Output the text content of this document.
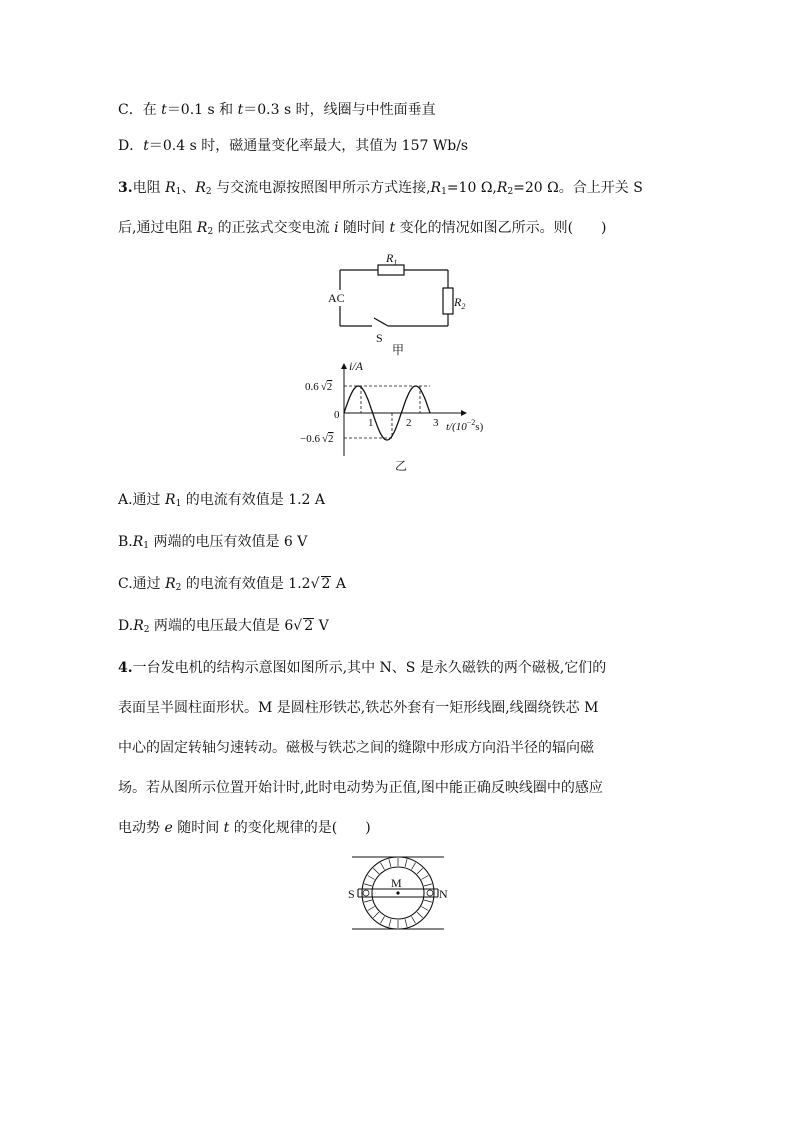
C．在 t＝0.1 s 和 t＝0.3 s 时，线圈与中性面垂直
D．t＝0.4 s 时，磁通量变化率最大，其值为 157 Wb/s
3.电阻 $R_1$、$R_2$ 与交流电源按照图甲所示方式连接$,R_1=10$ $\Omega,R_2=20$ Ω。合上开关 S
后,通过电阻 $R_2$ 的正弦式交变电流 i 随时间 t 变化的情况如图乙所示。则(　　)
$R_1$
$R_2$
AC
S
甲
i/A
0.6 √2
−0.6 √2
0
1	2 3 $t/(10^{-2}s)$
乙
A.通过 $R_1$ 的电流有效值是 1.2 A
$B.R_1$ 两端的电压有效值是 6 V
C.通过 $R_2$ 的电流有效值是 1.2√ 2 A
$D.R_2$ 两端的电压最大值是 6√ 2 V
4.一台发电机的结构示意图如图所示,其中 N、S 是永久磁铁的两个磁极,它们的
表面呈半圆柱面形状。M 是圆柱形铁芯,铁芯外套有一矩形线圈,线圈绕铁芯 M
中心的固定转轴匀速转动。磁极与铁芯之间的缝隙中形成方向沿半径的辐向磁
场。若从图所示位置开始计时,此时电动势为正值,图中能正确反映线圈中的感应
电动势 e 随时间 t 的变化规律的是(　　)
S	N
M
